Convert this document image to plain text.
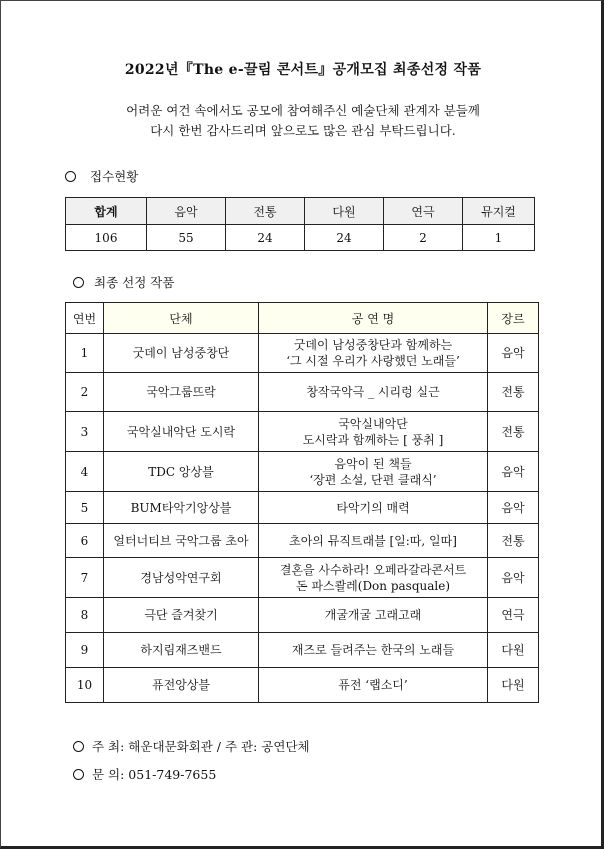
2022년『The e-끌림 콘서트』공개모집 최종선정 작품
어려운 여건 속에서도 공모에 참여해주신 예술단체 관계자 분들께
다시 한번 감사드리며 앞으로도 많은 관심 부탁드립니다.
접수현황
합계	음악	전통	다원	연극	뮤지컬
106	55	24	24	2	1
최종 선정 작품
연번	단체	공 연 명	장르
1	굿데이 남성중창단	굿데이 남성중창단과 함께하는
‘그 시절 우리가 사랑했던 노래들’	음악
2	국악그룹뜨락	창작국악극 _ 시리렁 실근	전통
3	국악실내악단 도시락	국악실내악단
도시락과 함께하는 [ 풍취 ]	전통
4	TDC 앙상블	음악이 된 책들
‘장편 소설, 단편 클래식’	음악
5	BUM타악기앙상블	타악기의 매력	음악
6	얼터너티브 국악그룹 초아	초아의 뮤직트래블 [일:따, 일따]	전통
7	경남성악연구회	결혼을 사수하라! 오페라갈라콘서트
돈 파스콸레(Don pasquale)	음악
8	극단 즐겨찾기	개굴개굴 고래고래	연극
9	하지림재즈밴드	재즈로 들려주는 한국의 노래들	다원
10	퓨전앙상블	퓨전 ‘랩소디’	다원
주 최: 해운대문화회관 / 주 관: 공연단체
문 의: 051-749-7655
